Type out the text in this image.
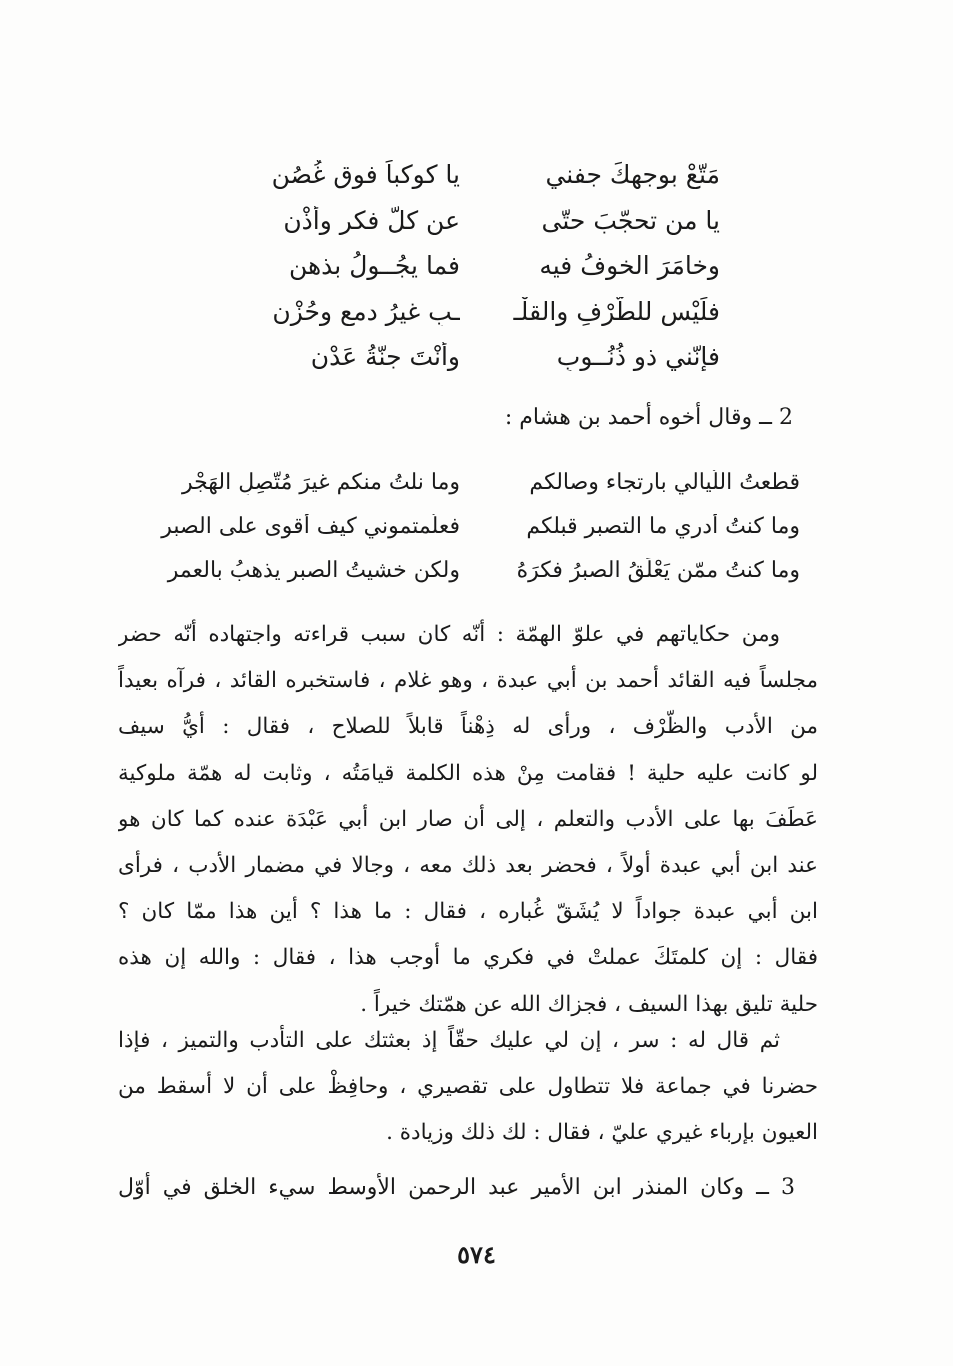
مَتّعْ بوجهكَ جفني
يا كوكباً فوق غُصُنِ
يا من تحجّبَ حتّى
عن كلّ فكرٍ وأُذْنِ
وخامَرَ الخوفُ فيه
فما يجُــولُ بذهنِ
فلَيْس للطّرْفِ والقلْـ
ـبِ غيرُ دمعٍ وحُزْنِ
فإنّني ذو ذُنُــوبٍ
وأنْتَ جنّةُ عَدْنِ
2 ــ وقال أخوه أحمد بن هشام :
قطعتُ اللّيالي بارتجاء وصالكم
وما نلتُ منكم غيرَ مُتّصِلِ الهَجْرِ
وما كنتُ أدري ما التصبر قبلكم
فعلّمتموني كيف أقوى على الصبرِ
وما كنتُ ممّن يَعْلَقُ الصبرُ فكرَهُ
ولكن خشيتُ الصبر يذهبُ بالعمرِ
ومن حكاياتهم في علوّ الهمّة : أنّه كان سبب قراءته واجتهاده أنّه حضر
مجلساً فيه القائد أحمد بن أبي عبدة ، وهو غلام ، فاستخبره القائد ، فرآه بعيداً
من الأدب والظّرْف ، ورأى له ذِهْناً قابلاً للصلاح ، فقال : أيُّ سيف
لو كانت عليه حلية ! فقامت مِنْ هذه الكلمة قيامَتُه ، وثابت له همّة ملوكية
عَطَفَ بها على الأدب والتعلم ، إلى أن صار ابن أبي عَبْدَة عنده كما كان هو
عند ابن أبي عبدة أولاً ، فحضر بعد ذلك معه ، وجالا في مضمار الأدب ، فرأى
ابن أبي عبدة جواداً لا يُشَقّ غُباره ، فقال : ما هذا ؟ أين هذا ممّا كان ؟
فقال : إن كلمتَكَ عملتْ في فكري ما أوجب هذا ، فقال : والله إن هذه
حلية تليق بهذا السيف ، فجزاك الله عن همّتك خيراً .
ثم قال له : سر ، إن لي عليك حقّاً إذ بعثتك على التأدب والتميز ، فإذا
حضرنا في جماعة فلا تتطاول على تقصيري ، وحافِظْ على أن لا أسقط من
العيون بإرباء غيري عليّ ، فقال : لك ذلك وزيادة .
3 ــ وكان المنذر ابن الأمير عبد الرحمن الأوسط سيء الخلق في أوّل
٥٧٤
